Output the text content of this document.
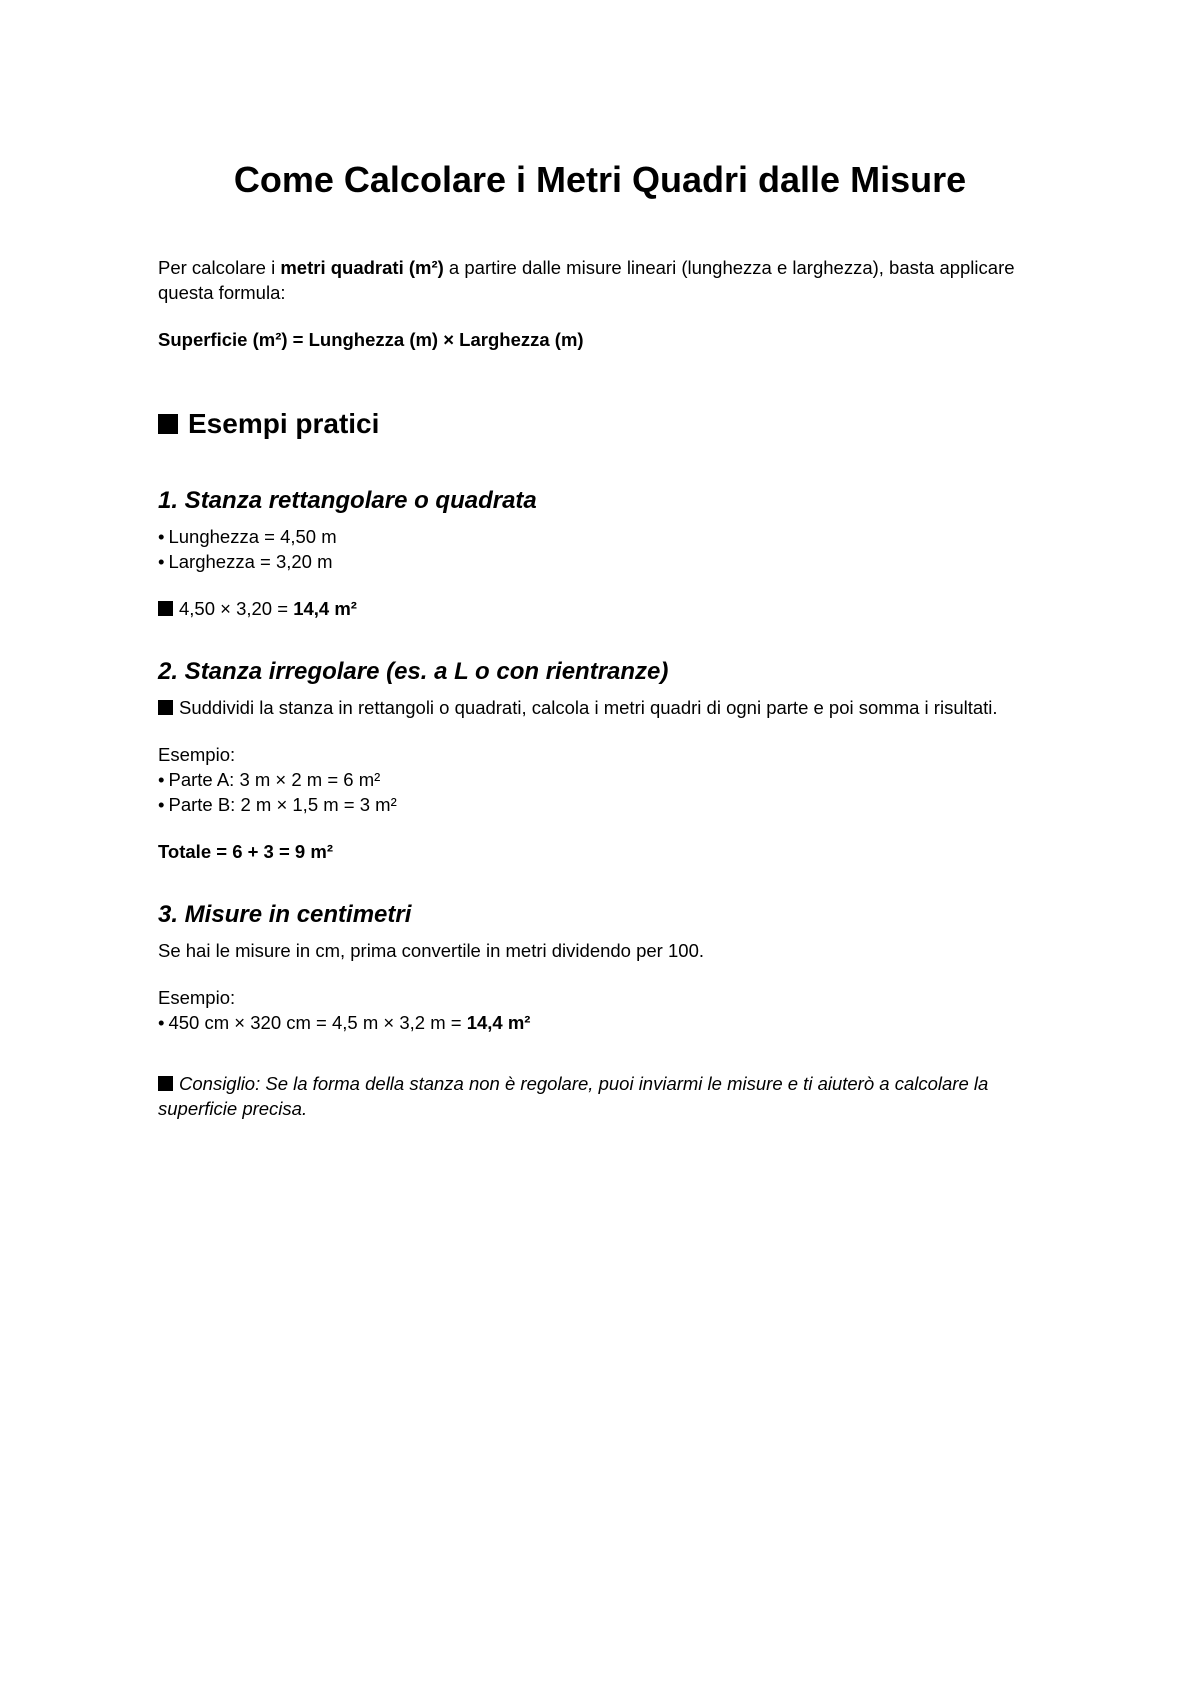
Come Calcolare i Metri Quadri dalle Misure

Per calcolare i metri quadrati (m²) a partire dalle misure lineari (lunghezza e larghezza), basta applicare questa formula:

Superficie (m²) = Lunghezza (m) × Larghezza (m)

Esempi pratici
1. Stanza rettangolare o quadrata
• Lunghezza = 4,50 m
• Larghezza = 3,20 m
4,50 × 3,20 = 14,4 m²
2. Stanza irregolare (es. a L o con rientranze)

Suddividi la stanza in rettangoli o quadrati, calcola i metri quadri di ogni parte e poi somma i risultati.

Esempio:

• Parte A: 3 m × 2 m = 6 m²
• Parte B: 2 m × 1,5 m = 3 m²

Totale = 6 + 3 = 9 m²

3. Misure in centimetri

Se hai le misure in cm, prima convertile in metri dividendo per 100.

Esempio:

• 450 cm × 320 cm = 4,5 m × 3,2 m = 14,4 m²

Consiglio: Se la forma della stanza non è regolare, puoi inviarmi le misure e ti aiuterò a calcolare la superficie precisa.
